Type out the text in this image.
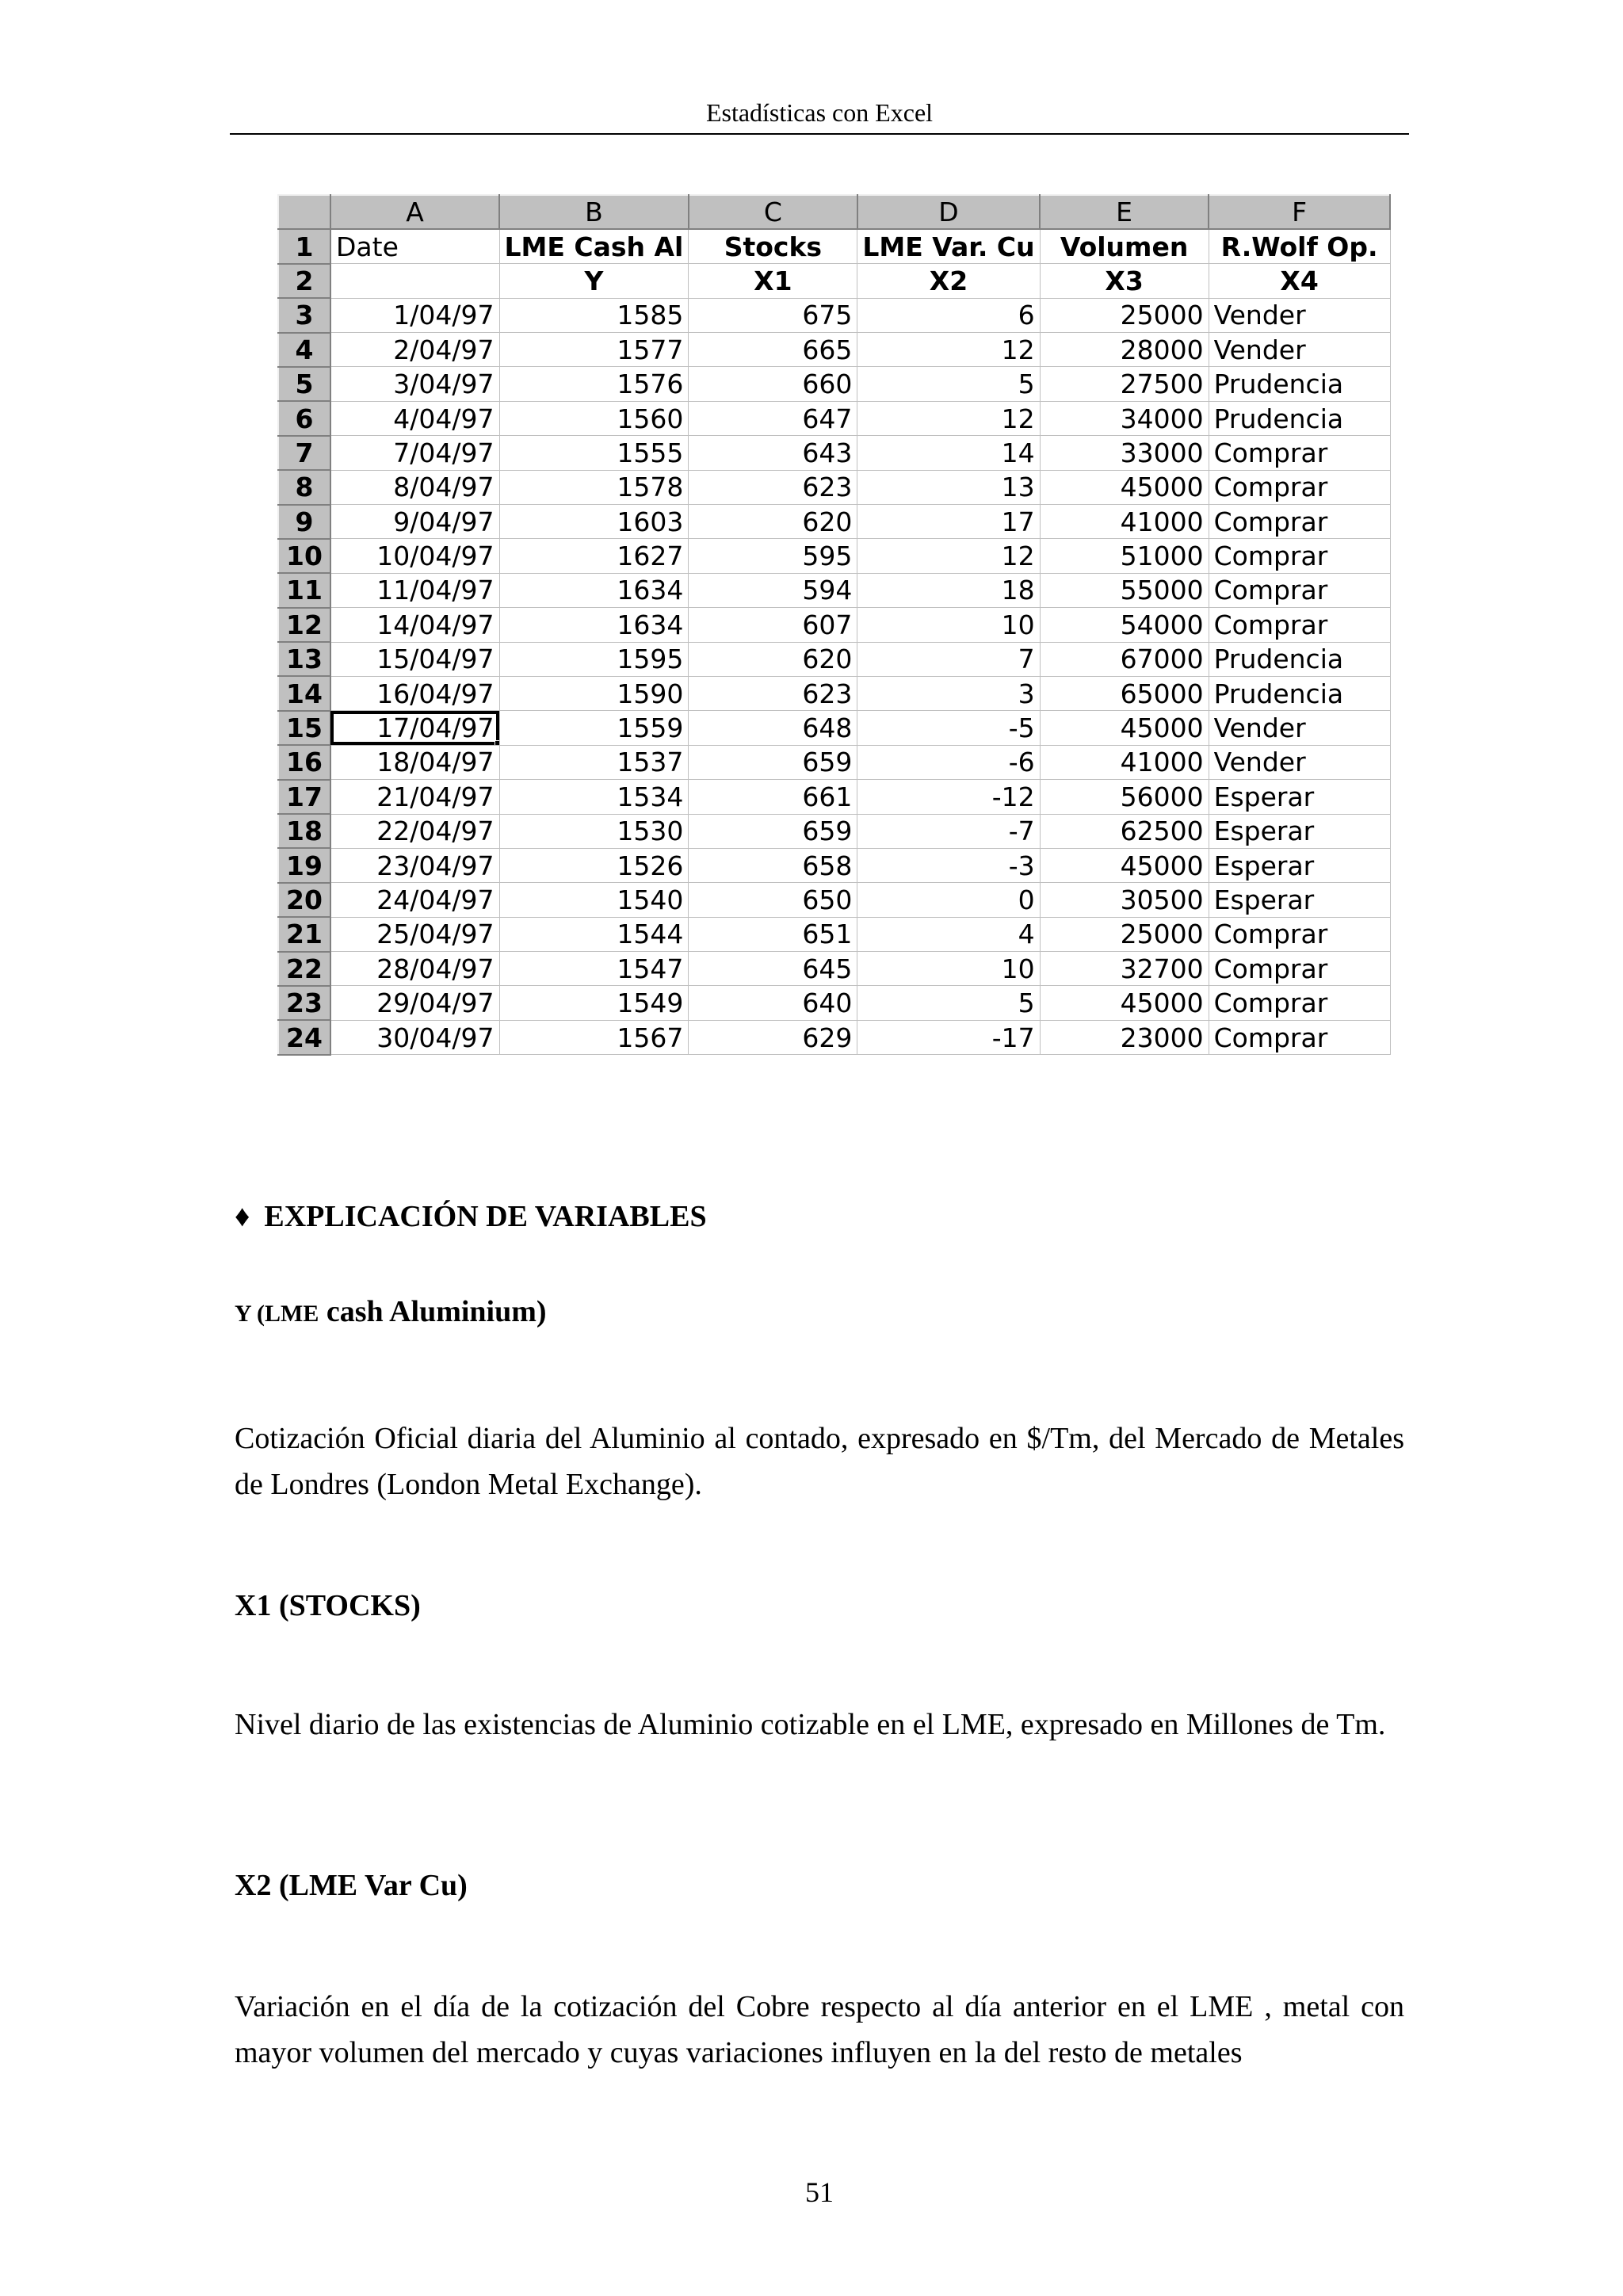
Estadísticas con Excel
	A	B	C	D	E	F
1	Date	LME Cash Al	Stocks	LME Var. Cu	Volumen	R.Wolf Op.
2		Y	X1	X2	X3	X4
3	1/04/97	1585	675	6	25000	Vender
4	2/04/97	1577	665	12	28000	Vender
5	3/04/97	1576	660	5	27500	Prudencia
6	4/04/97	1560	647	12	34000	Prudencia
7	7/04/97	1555	643	14	33000	Comprar
8	8/04/97	1578	623	13	45000	Comprar
9	9/04/97	1603	620	17	41000	Comprar
10	10/04/97	1627	595	12	51000	Comprar
11	11/04/97	1634	594	18	55000	Comprar
12	14/04/97	1634	607	10	54000	Comprar
13	15/04/97	1595	620	7	67000	Prudencia
14	16/04/97	1590	623	3	65000	Prudencia
15	17/04/97	1559	648	-5	45000	Vender
16	18/04/97	1537	659	-6	41000	Vender
17	21/04/97	1534	661	-12	56000	Esperar
18	22/04/97	1530	659	-7	62500	Esperar
19	23/04/97	1526	658	-3	45000	Esperar
20	24/04/97	1540	650	0	30500	Esperar
21	25/04/97	1544	651	4	25000	Comprar
22	28/04/97	1547	645	10	32700	Comprar
23	29/04/97	1549	640	5	45000	Comprar
24	30/04/97	1567	629	-17	23000	Comprar
♦ EXPLICACIÓN DE VARIABLES
Y (LME cash Aluminium)
Cotización Oficial diaria del Aluminio al contado, expresado en $/Tm, del Mercado de Metales de Londres (London Metal Exchange).
X1 (STOCKS)
Nivel diario de las existencias de Aluminio cotizable en el LME, expresado en Millones de Tm.
X2 (LME Var Cu)
Variación en el día de la cotización del Cobre respecto al día anterior en el LME , metal con mayor volumen del mercado y cuyas variaciones influyen en la del resto de metales
51
